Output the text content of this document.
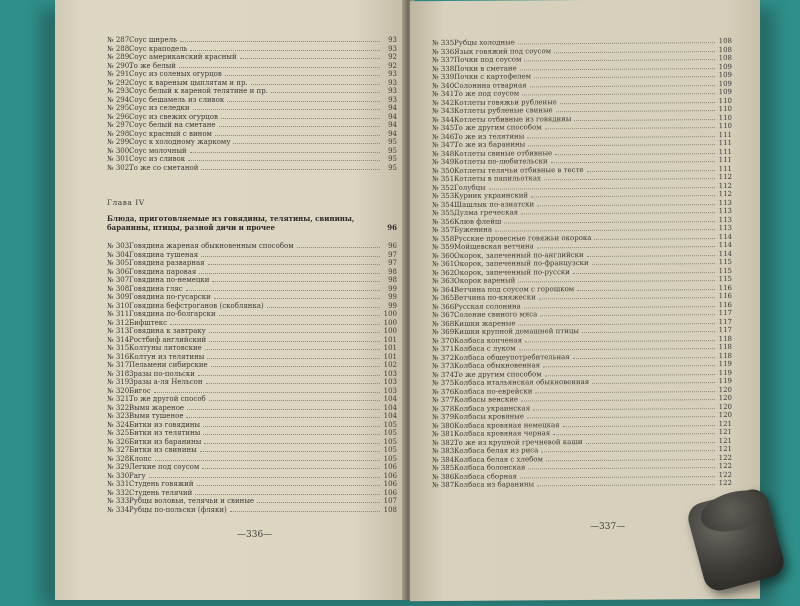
№ 287.
Соус шнрель	93
№ 288.
Соус краподель	93
№ 289.
Соус американский красный	92
№ 290.
То же белый	92
№ 291.
Соус из соленых огурцов	93
№ 292.
Соус к вареным цыплятам и пр.	93
№ 293.
Соус белый к вареной телятине и пр.	93
№ 294.
Соус бешамель из сливок	93
№ 295.
Соус из селедки	94
№ 296.
Соус из свежих огурцов	94
№ 297.
Соус белый на сметане	94
№ 298.
Соус красный с вином	94
№ 299.
Соус к холодному жаркому	95
№ 300.
Соус молочный	95
№ 301.
Соус из сливок	95
№ 302.
То же со сметаной	95
Глава IV
Блюда, приготовляемые из говядины, телятины, свинины, баранины, птицы, разной дичи и прочее	96
№ 303.
Говядина жареная обыкновенным способом	96
№ 304.
Говядина тушеная	97
№ 305.
Говядина разварная	97
№ 306.
Говядина паровая	98
№ 307.
Говядина по-немецки	98
№ 308.
Говядина гляс	99
№ 309.
Говядина по-гусарски	99
№ 310.
Говядина бефстроганов (скоблянка)	99
№ 311.
Говядина по-болгарски	100
№ 312.
Бифштекс	100
№ 313.
Говядина к завтраку	100
№ 314.
Ростбиф английский	101
№ 315.
Колтуны литовские	101
№ 316.
Колтун из телятины	101
№ 317.
Пельмени сибирские	102
№ 318.
Зразы по-польски	103
№ 319.
Зразы а-ля Нельсон	103
№ 320.
Бигос	103
№ 321.
То же другой способ	104
№ 322.
Вымя жареное	104
№ 323.
Вымя тушеное	104
№ 324.
Битки из говядины	105
№ 325.
Битки из телятины	105
№ 326.
Битки из баранины	105
№ 327.
Битки из свинины	105
№ 328.
Клопс	105
№ 329.
Легкие под соусом	106
№ 330.
Рагу	106
№ 331.
Студень говяжий	106
№ 332.
Студень телячий	106
№ 333.
Рубцы воловьи, телячьи и свиные	107
№ 334.
Рубцы по-польски (фляки)	108
—336—
№ 335.
Рубцы холодные	108
№ 336.
Язык говяжий под соусом	108
№ 337.
Почки под соусом	108
№ 338.
Почки в сметане	109
№ 339.
Почки с картофелем	109
№ 340.
Солонина отварная	109
№ 341.
То же под соусом	109
№ 342.
Котлеты говяжьи рубленые	110
№ 343.
Котлеты рубленые свиные	110
№ 344.
Котлеты отбивные из говядины	110
№ 345.
То же другим способом	110
№ 346.
То же из телятины	111
№ 347.
То же из баранины	111
№ 348.
Котлеты свиные отбивные	111
№ 349.
Котлеты по-любительски	111
№ 350.
Котлеты телячьи отбивные в тесте	111
№ 351.
Котлеты в папильотках	112
№ 352.
Голубцы	112
№ 353.
Курник украинский	112
№ 354.
Шашлык по-азиатски	113
№ 355.
Дулма греческая	113
№ 356.
Клюв флейш	113
№ 357.
Буженина	113
№ 358.
Русские провесные говяжьи окорока	114
№ 359.
Мойщевская ветчина	114
№ 360.
Окорок, запеченный по-английски	114
№ 361.
Окорок, запеченный по-французски	115
№ 362.
Окорок, запеченный по-русски	115
№ 363.
Окорок вареный	115
№ 364.
Ветчина под соусом с горошком	116
№ 365.
Ветчина по-княжески	116
№ 366.
Русская солонина	116
№ 367.
Соление свиного мяса	117
№ 368.
Кишки жареные	117
№ 369.
Кишки крупной домашней птицы	117
№ 370.
Колбаса копченая	118
№ 371.
Колбаса с луком	118
№ 372.
Колбаса общеупотребительная	118
№ 373.
Колбаса обыкновенная	119
№ 374.
То же другим способом	119
№ 375.
Колбаса итальянская обыкновенная	119
№ 376.
Колбаса по-еврейски	120
№ 377.
Колбасы венские	120
№ 378.
Колбаса украинская	120
№ 379.
Колбасы кровяные	120
№ 380.
Колбаса кровяная немецкая	121
№ 381.
Колбаса кровяная черная	121
№ 382.
То же из крупной гречневой каши	121
№ 383.
Колбаса белая из риса	121
№ 384.
Колбаса белая с хлебом	122
№ 385.
Колбаса болонская	122
№ 386.
Колбаса сборная	122
№ 387.
Колбаса из баранины	122
—337—
